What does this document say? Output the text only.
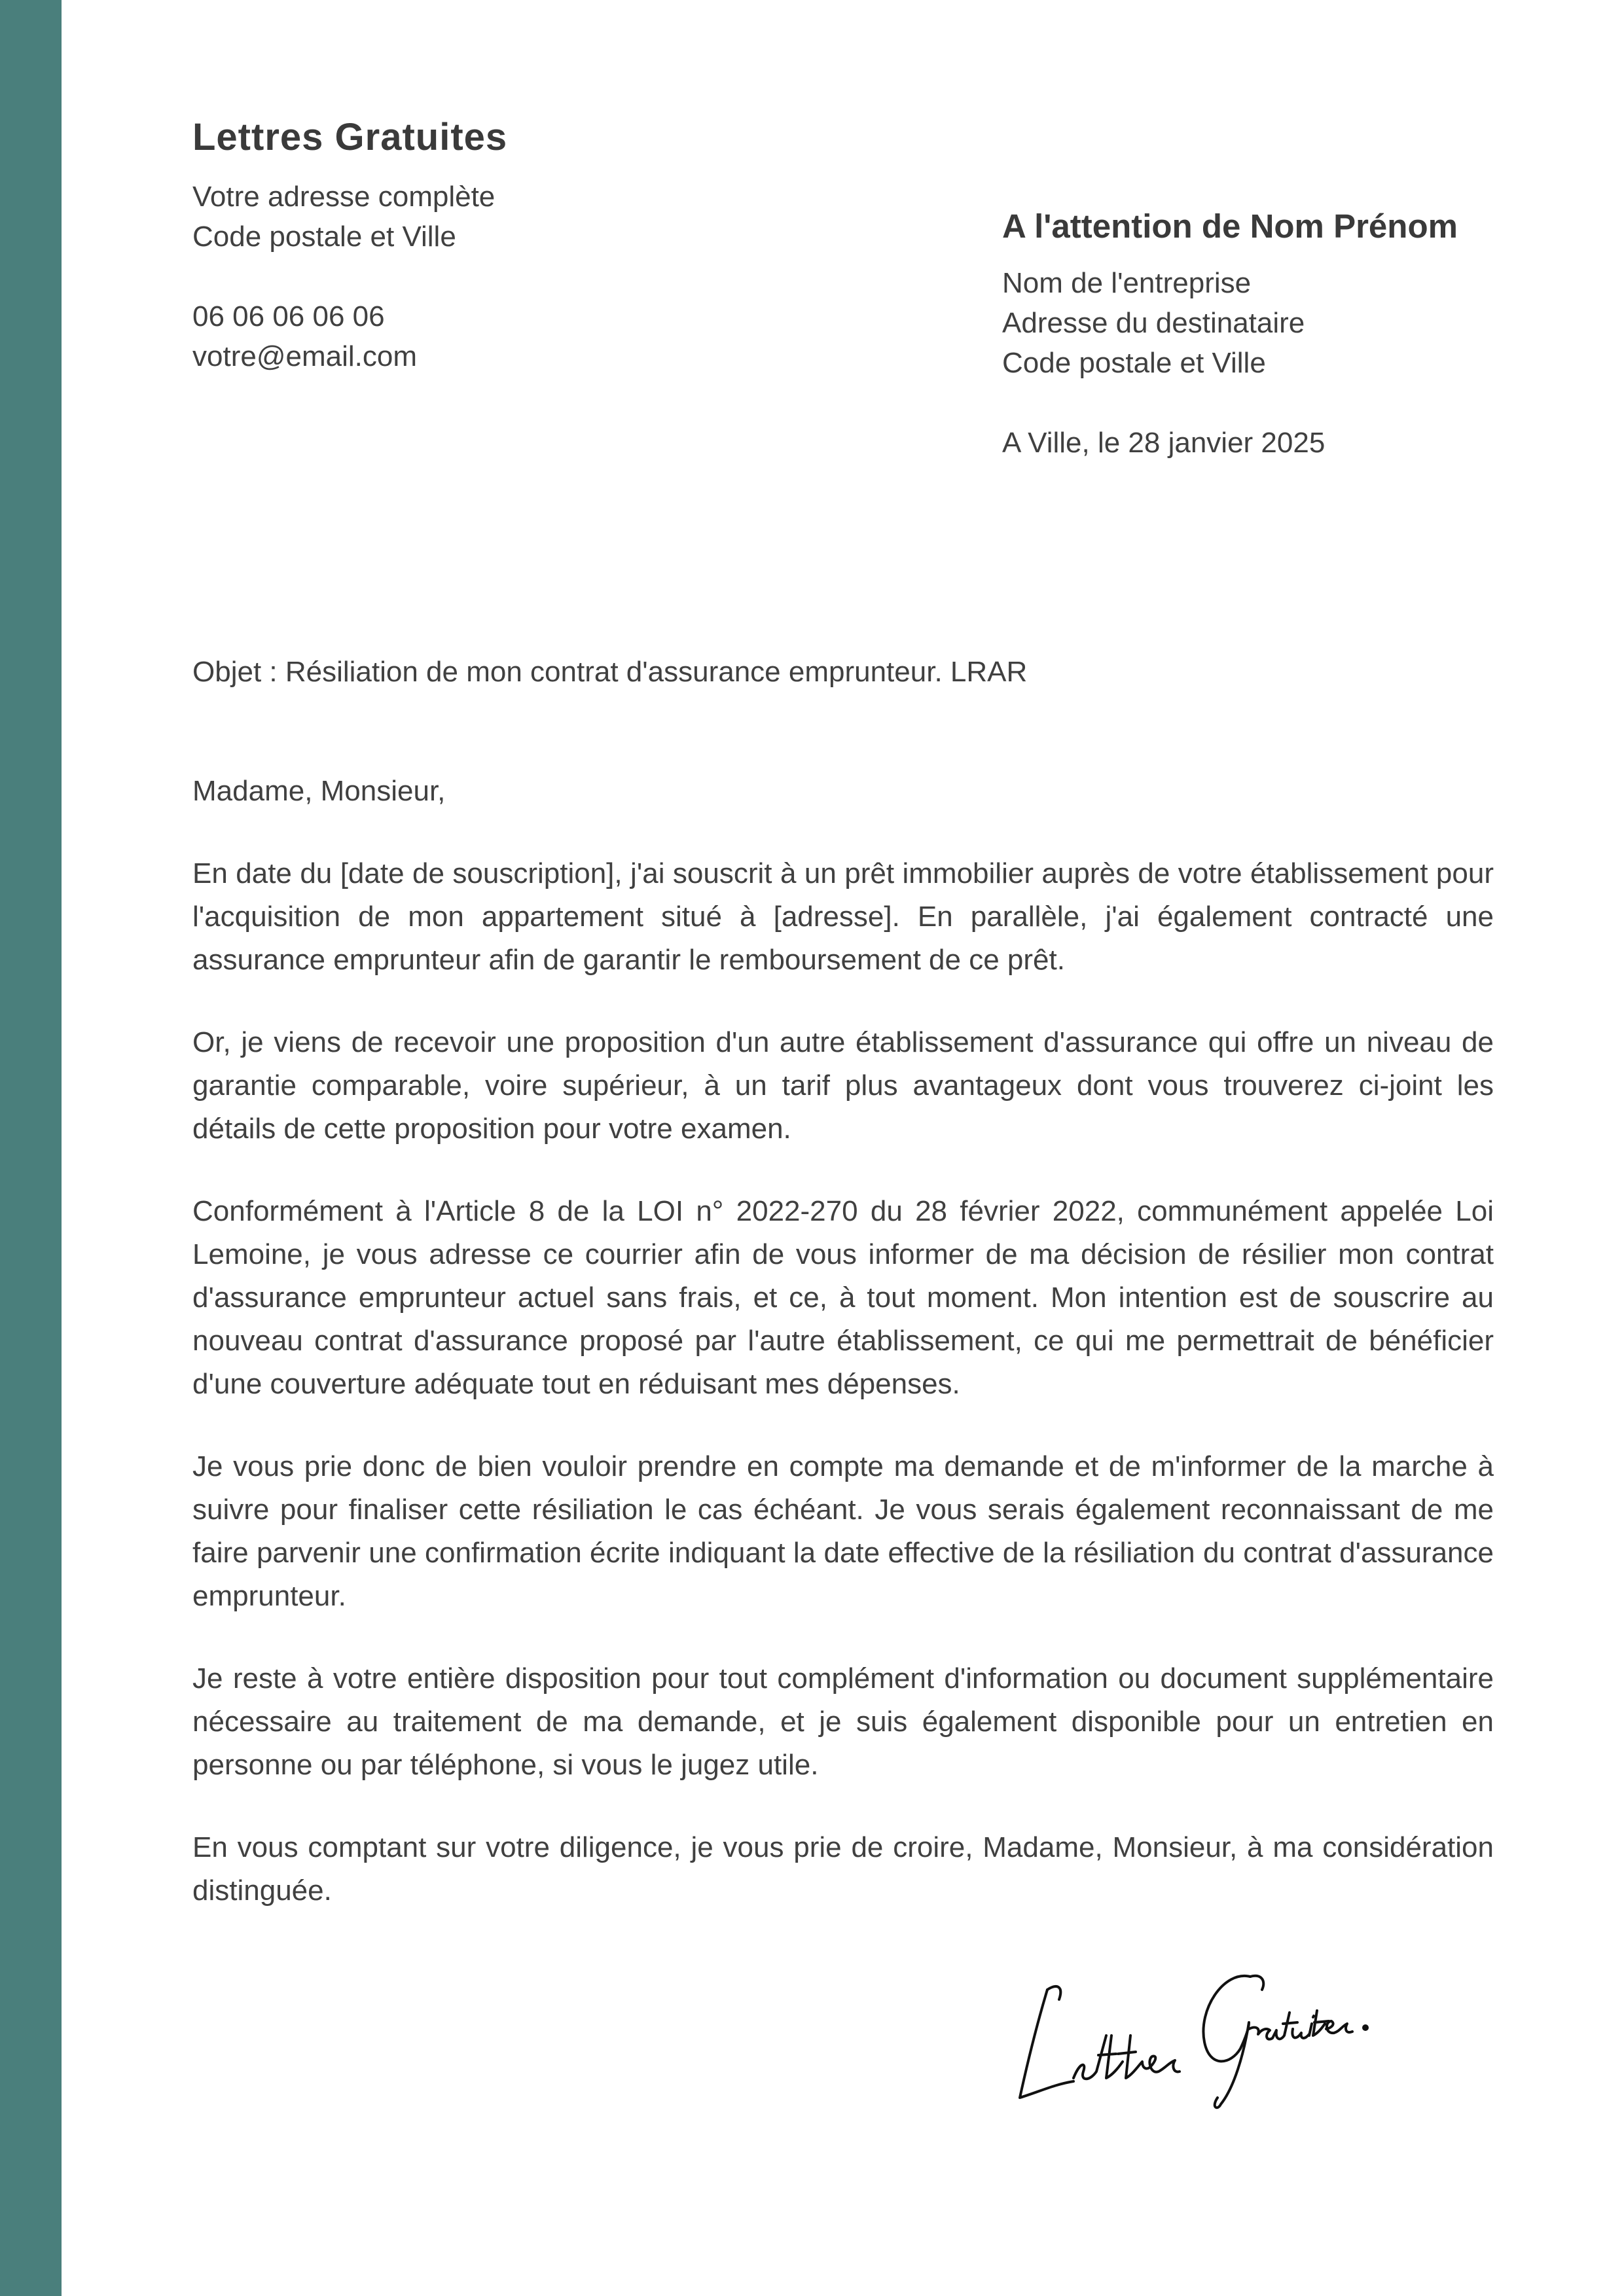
Lettres Gratuites
Votre adresse complète
Code postale et Ville
06 06 06 06 06
votre@email.com
A l'attention de Nom Prénom
Nom de l'entreprise
Adresse du destinataire
Code postale et Ville
A Ville, le 28 janvier 2025
Objet : Résiliation de mon contrat d'assurance emprunteur. LRAR

Madame, Monsieur,

En date du [date de souscription], j'ai souscrit à un prêt immobilier auprès de votre établissement pour l'acquisition de mon appartement situé à [adresse]. En parallèle, j'ai également contracté une assurance emprunteur afin de garantir le remboursement de ce prêt.

Or, je viens de recevoir une proposition d'un autre établissement d'assurance qui offre un niveau de garantie comparable, voire supérieur, à un tarif plus avantageux dont vous trouverez ci-joint les détails de cette proposition pour votre examen.

Conformément à l'Article 8 de la LOI n° 2022-270 du 28 février 2022, communément appelée Loi Lemoine, je vous adresse ce courrier afin de vous informer de ma décision de résilier mon contrat d'assurance emprunteur actuel sans frais, et ce, à tout moment. Mon intention est de souscrire au nouveau contrat d'assurance proposé par l'autre établissement, ce qui me permettrait de bénéficier d'une couverture adéquate tout en réduisant mes dépenses.

Je vous prie donc de bien vouloir prendre en compte ma demande et de m'informer de la marche à suivre pour finaliser cette résiliation le cas échéant. Je vous serais également reconnaissant de me faire parvenir une confirmation écrite indiquant la date effective de la résiliation du contrat d'assurance emprunteur.

Je reste à votre entière disposition pour tout complément d'information ou document supplémentaire nécessaire au traitement de ma demande, et je suis également disponible pour un entretien en personne ou par téléphone, si vous le jugez utile.

En vous comptant sur votre diligence, je vous prie de croire, Madame, Monsieur, à ma considération distinguée.
